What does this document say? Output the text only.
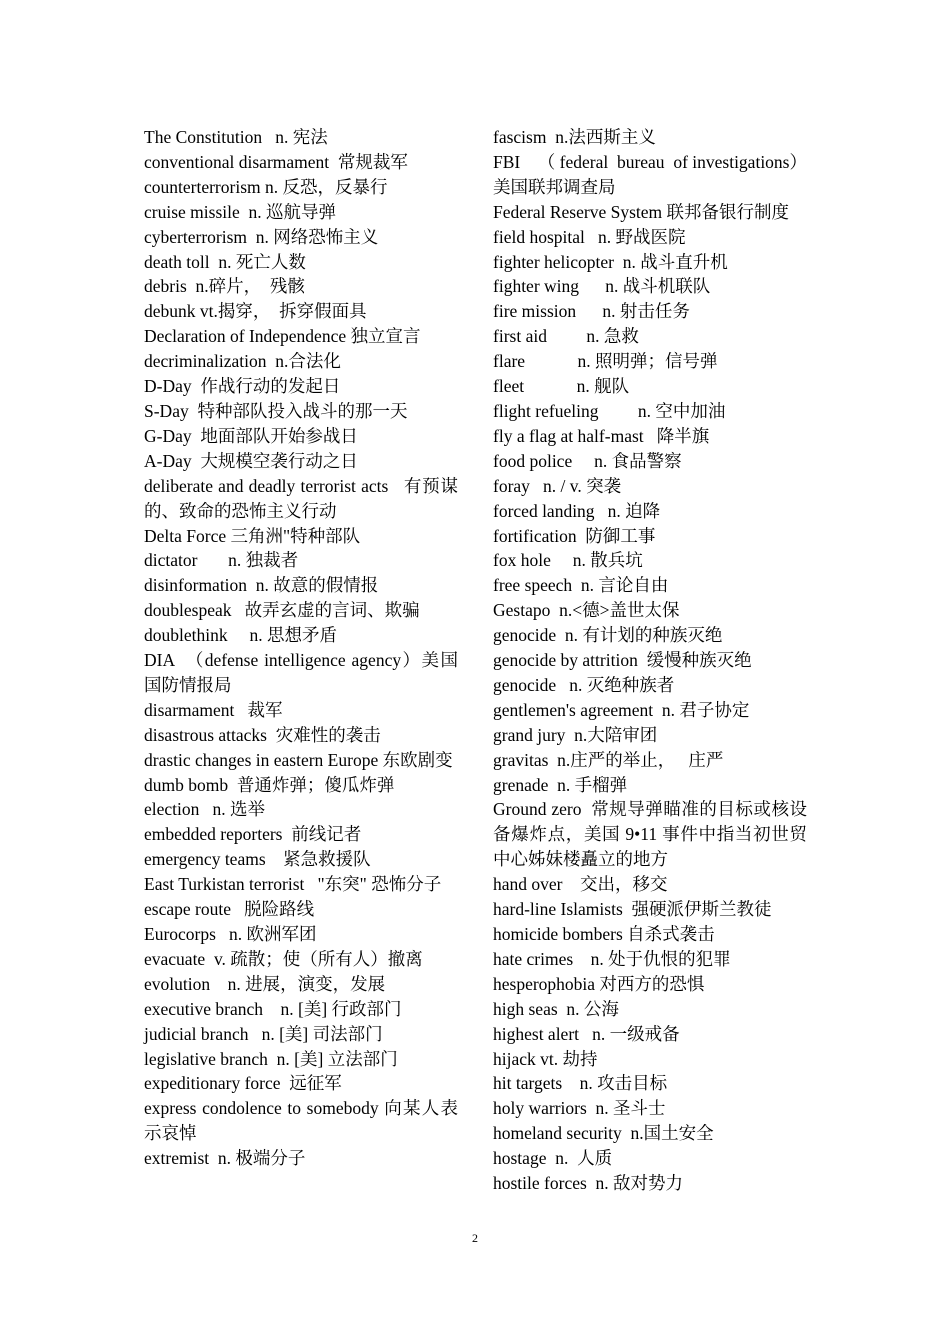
The Constitution   n. 宪法
conventional disarmament  常规裁军
counterterrorism n. 反恐，反暴行
cruise missile  n. 巡航导弹
cyberterrorism  n. 网络恐怖主义
death toll  n. 死亡人数
debris  n.碎片，  残骸
debunk vt.揭穿，  拆穿假面具
Declaration of Independence 独立宣言
decriminalization  n.合法化
D-Day  作战行动的发起日
S-Day  特种部队投入战斗的那一天
G-Day  地面部队开始参战日
A-Day  大规模空袭行动之日
deliberate and deadly terrorist acts   有预谋的、致命的恐怖主义行动
Delta Force 三角洲"特种部队
dictator       n. 独裁者
disinformation  n. 故意的假情报
doublespeak   故弄玄虚的言词、欺骗
doublethink     n. 思想矛盾
DIA  （defense intelligence agency）美国国防情报局
disarmament   裁军
disastrous attacks  灾难性的袭击
drastic changes in eastern Europe 东欧剧变
dumb bomb  普通炸弹；傻瓜炸弹
election   n. 选举
embedded reporters  前线记者
emergency teams    紧急救援队
East Turkistan terrorist   "东突" 恐怖分子
escape route   脱险路线
Eurocorps   n. 欧洲军团
evacuate  v. 疏散；使（所有人）撤离
evolution    n. 进展，演变，发展
executive branch    n. [美] 行政部门
judicial branch   n. [美] 司法部门
legislative branch  n. [美] 立法部门
expeditionary force  远征军
express condolence to somebody 向某人表示哀悼
extremist  n. 极端分子
fascism  n.法西斯主义
FBI    （ federal  bureau  of investigations）  美国联邦调查局
Federal Reserve System 联邦备银行制度
field hospital   n. 野战医院
fighter helicopter  n. 战斗直升机
fighter wing      n. 战斗机联队
fire mission      n. 射击任务
first aid         n. 急救
flare            n. 照明弹；信号弹
fleet            n. 舰队
flight refueling         n. 空中加油
fly a flag at half-mast   降半旗
food police     n. 食品警察
foray   n. / v. 突袭
forced landing   n. 迫降
fortification  防御工事
fox hole     n. 散兵坑
free speech  n. 言论自由
Gestapo  n.<德>盖世太保
genocide  n. 有计划的种族灭绝
genocide by attrition  缓慢种族灭绝
genocide   n. 灭绝种族者
gentlemen's agreement  n. 君子协定
grand jury  n.大陪审团
gravitas  n.庄严的举止，   庄严
grenade  n. 手榴弹
Ground zero  常规导弹瞄准的目标或核设备爆炸点，美国 9•11 事件中指当初世贸中心姊妹楼矗立的地方
hand over    交出，移交
hard-line Islamists  强硬派伊斯兰教徒
homicide bombers 自杀式袭击
hate crimes    n. 处于仇恨的犯罪
hesperophobia 对西方的恐惧
high seas  n. 公海
highest alert   n. 一级戒备
hijack vt. 劫持
hit targets    n. 攻击目标
holy warriors  n. 圣斗士
homeland security  n.国土安全
hostage  n.  人质
hostile forces  n. 敌对势力
2
